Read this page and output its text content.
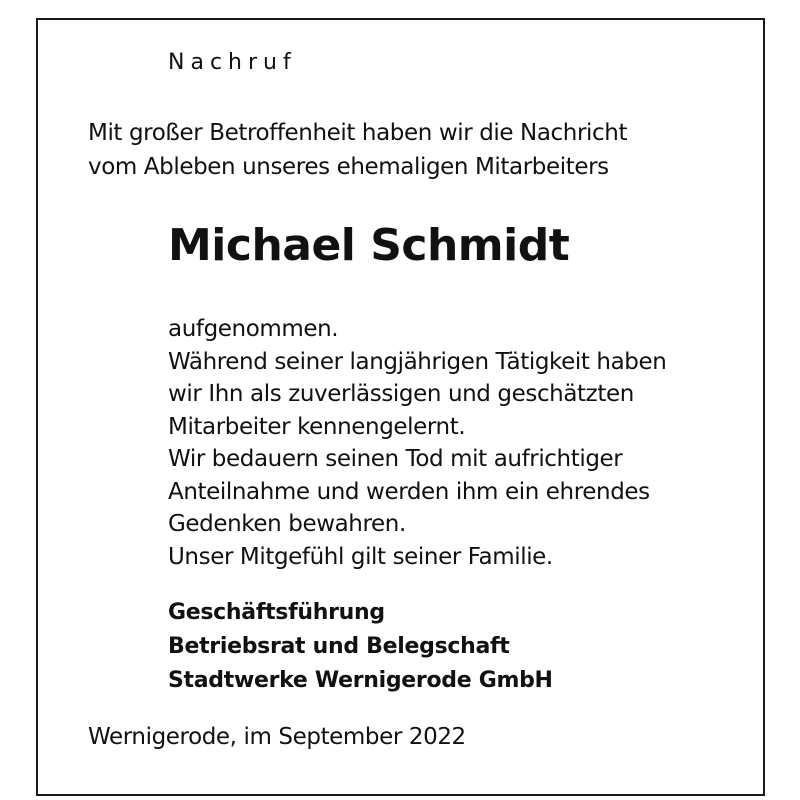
Nachruf

Mit großer Betroffenheit haben wir die Nachricht
vom Ableben unseres ehemaligen Mitarbeiters

Michael Schmidt

aufgenommen.
Während seiner langjährigen Tätigkeit haben
wir Ihn als zuverlässigen und geschätzten
Mitarbeiter kennengelernt.
Wir bedauern seinen Tod mit aufrichtiger
Anteilnahme und werden ihm ein ehrendes
Gedenken bewahren.
Unser Mitgefühl gilt seiner Familie.

Geschäftsführung
Betriebsrat und Belegschaft
Stadtwerke Wernigerode GmbH

Wernigerode, im September 2022
